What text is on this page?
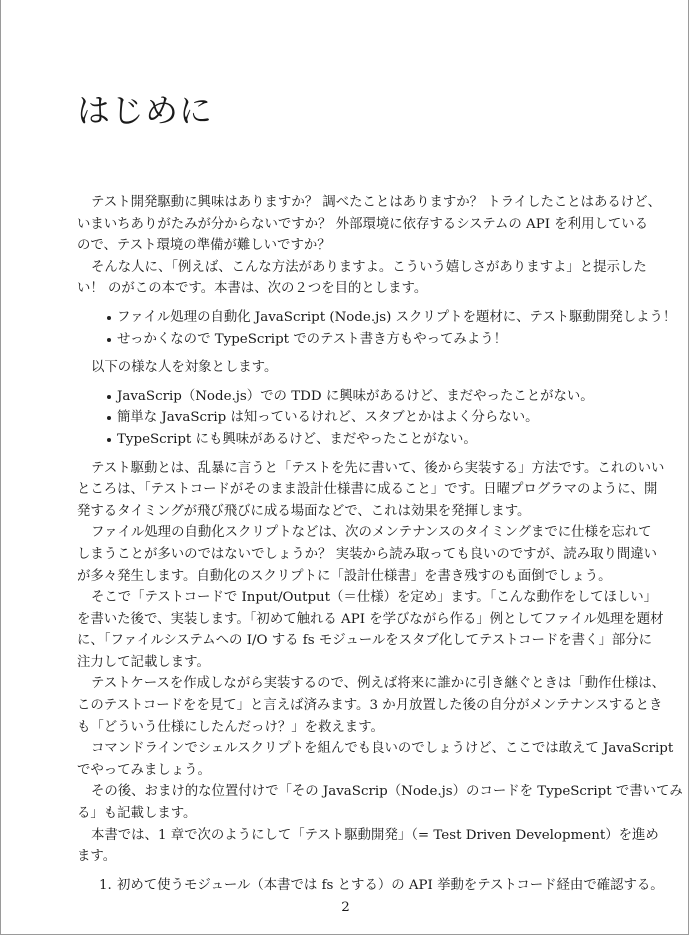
はじめに
テスト開発駆動に興味はありますか？ 調べたことはありますか？ トライしたことはあるけど、
いまいちありがたみが分からないですか？ 外部環境に依存するシステムの API を利用している
ので、テスト環境の準備が難しいですか？
そんな人に、「例えば、こんな方法がありますよ。こういう嬉しさがありますよ」と提示した
い！ のがこの本です。本書は、次の２つを目的とします。
ファイル処理の自動化 JavaScript (Node.js) スクリプトを題材に、テスト駆動開発しよう！
せっかくなので TypeScript でのテスト書き方もやってみよう！
以下の様な人を対象とします。
JavaScrip（Node.js）での TDD に興味があるけど、まだやったことがない。
簡単な JavaScrip は知っているけれど、スタブとかはよく分らない。
TypeScript にも興味があるけど、まだやったことがない。
テスト駆動とは、乱暴に言うと「テストを先に書いて、後から実装する」方法です。これのいい
ところは、「テストコードがそのまま設計仕様書に成ること」です。日曜プログラマのように、開
発するタイミングが飛び飛びに成る場面などで、これは効果を発揮します。
ファイル処理の自動化スクリプトなどは、次のメンテナンスのタイミングまでに仕様を忘れて
しまうことが多いのではないでしょうか？ 実装から読み取っても良いのですが、読み取り間違い
が多々発生します。自動化のスクリプトに「設計仕様書」を書き残すのも面倒でしょう。
そこで「テストコードで Input/Output（＝仕様）を定め」ます。「こんな動作をしてほしい」
を書いた後で、実装します。「初めて触れる API を学びながら作る」例としてファイル処理を題材
に、「ファイルシステムへの I/O する fs モジュールをスタブ化してテストコードを書く」部分に
注力して記載します。
テストケースを作成しながら実装するので、例えば将来に誰かに引き継ぐときは「動作仕様は、
このテストコードをを見て」と言えば済みます。3 か月放置した後の自分がメンテナンスするとき
も「どういう仕様にしたんだっけ？」を救えます。
コマンドラインでシェルスクリプトを組んでも良いのでしょうけど、ここでは敢えて JavaScript
でやってみましょう。
その後、おまけ的な位置付けで「その JavaScrip（Node.js）のコードを TypeScript で書いてみ
る」も記載します。
本書では、1 章で次のようにして「テスト駆動開発」（= Test Driven Development）を進め
ます。
1. 初めて使うモジュール（本書では fs とする）の API 挙動をテストコード経由で確認する。
2
